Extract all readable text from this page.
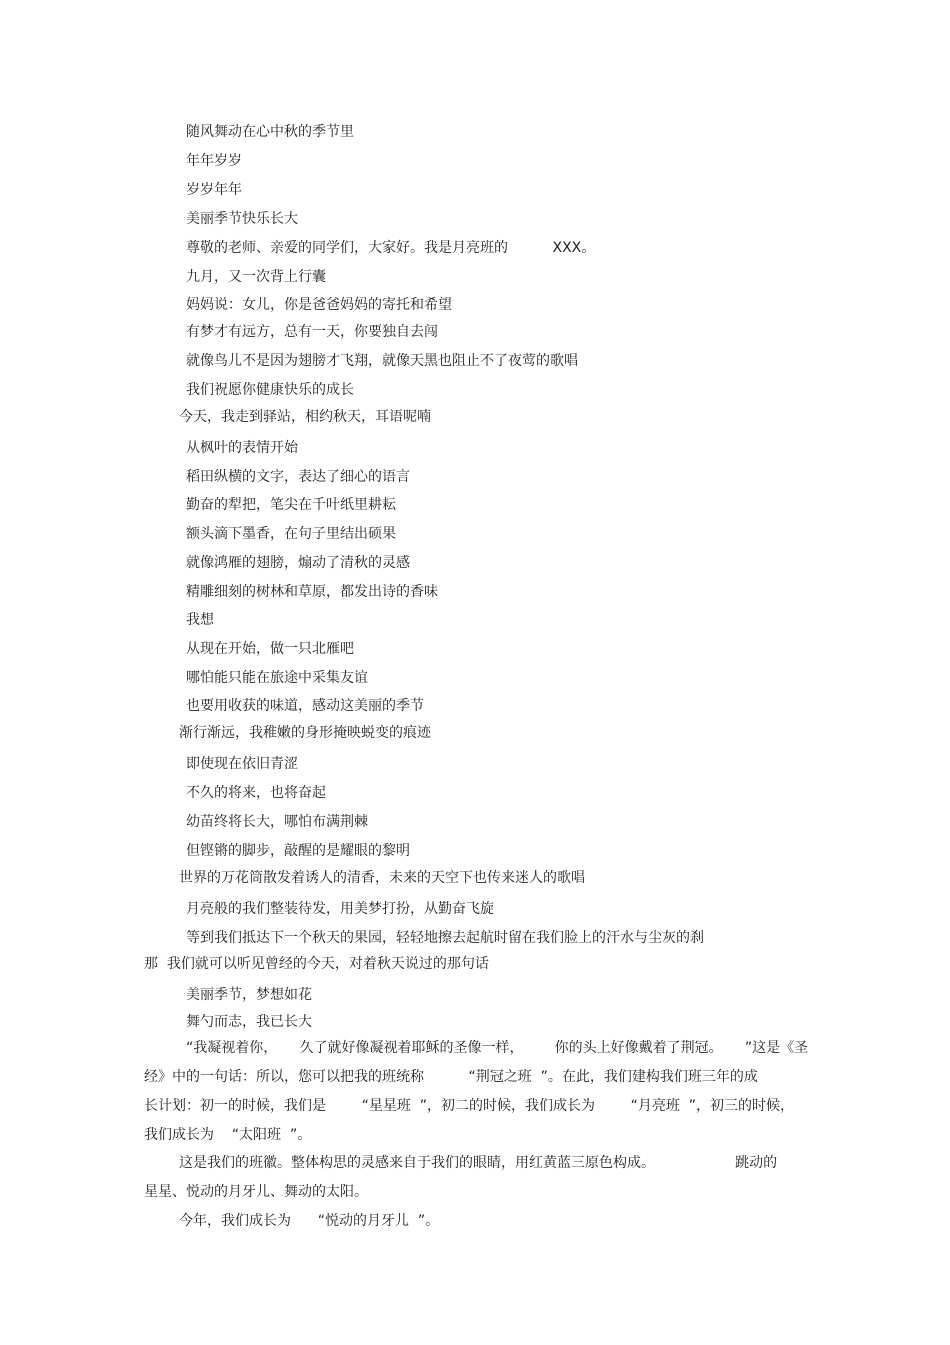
随风舞动在心中秋的季节里
年年岁岁
岁岁年年
美丽季节快乐长大
尊敬的老师、亲爱的同学们，大家好。我是月亮班的          XXX。
九月，又一次背上行囊
妈妈说：女儿，你是爸爸妈妈的寄托和希望
有梦才有远方，总有一天，你要独自去闯
就像鸟儿不是因为翅膀才飞翔，就像天黑也阻止不了夜莺的歌唱
我们祝愿你健康快乐的成长
今天，我走到驿站，相约秋天，耳语呢喃
从枫叶的表情开始
稻田纵横的文字，表达了细心的语言
勤奋的犁把，笔尖在千叶纸里耕耘
额头滴下墨香，在句子里结出硕果
就像鸿雁的翅膀，煽动了清秋的灵感
精雕细刻的树林和草原，都发出诗的香味
我想
从现在开始，做一只北雁吧
哪怕能只能在旅途中采集友谊
也要用收获的味道，感动这美丽的季节
渐行渐远，我稚嫩的身形掩映蜕变的痕迹
即使现在依旧青涩
不久的将来，也将奋起
幼苗终将长大，哪怕布满荆棘
但铿锵的脚步，敲醒的是耀眼的黎明
世界的万花筒散发着诱人的清香，未来的天空下也传来迷人的歌唱
月亮般的我们整装待发，用美梦打扮，从勤奋飞旋
等到我们抵达下一个秋天的果园，轻轻地擦去起航时留在我们脸上的汗水与尘灰的刹
那  我们就可以听见曾经的今天，对着秋天说过的那句话
美丽季节，梦想如花
舞勺而志，我已长大
“我凝视着你，     久了就好像凝视着耶稣的圣像一样，       你的头上好像戴着了荆冠。     ”这是《圣
经》中的一句话：所以，您可以把我的班统称          “荆冠之班  ”。在此，我们建构我们班三年的成
长计划：初一的时候，我们是        “星星班  ”，初二的时候，我们成长为        “月亮班  ”，初三的时候，
我们成长为    “太阳班  ”。
这是我们的班徽。整体构思的灵感来自于我们的眼睛，用红黄蓝三原色构成。                  跳动的
星星、悦动的月牙儿、舞动的太阳。
今年，我们成长为      “悦动的月牙儿  ”。
